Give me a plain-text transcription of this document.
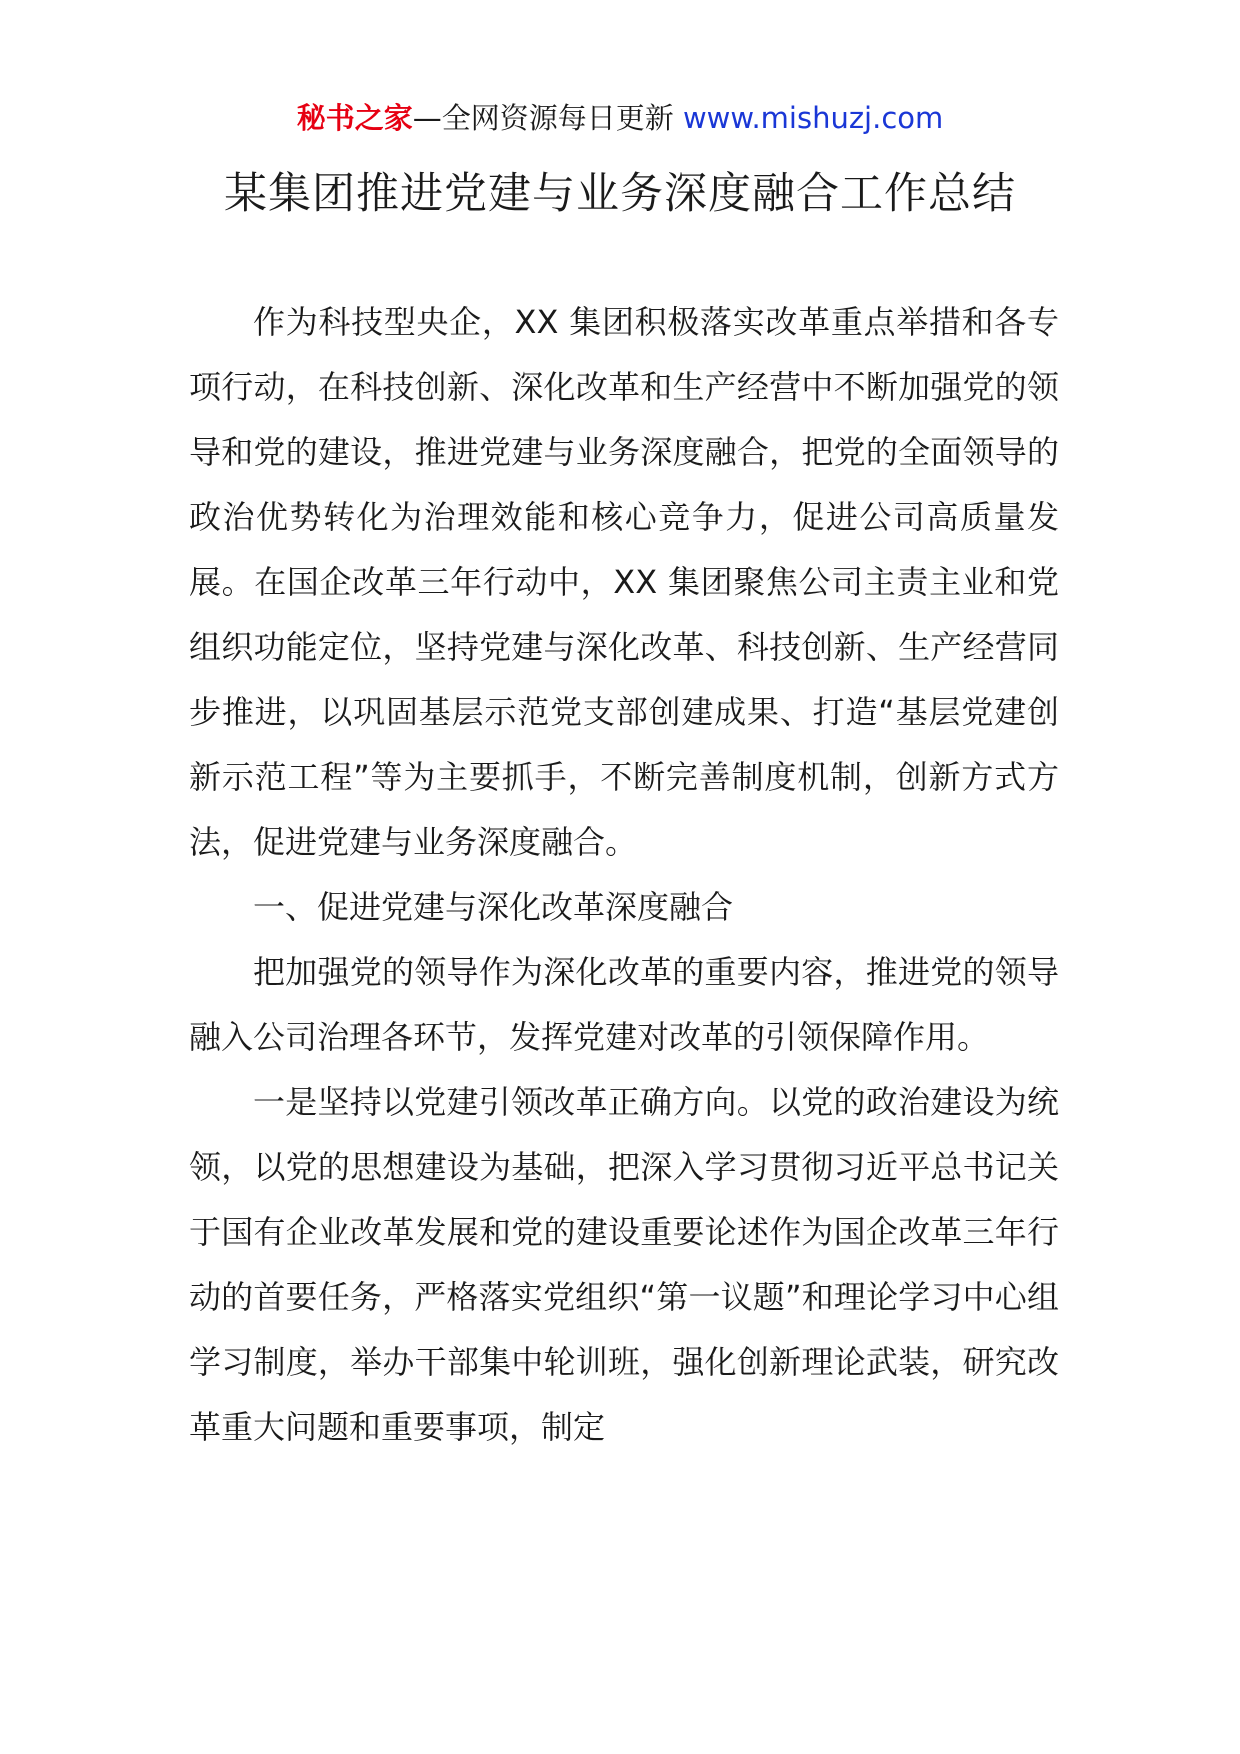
秘书之家—全网资源每日更新 www.mishuzj.com
某集团推进党建与业务深度融合工作总结

作为科技型央企，XX 集团积极落实改革重点举措和各专项行动，在科技创新、深化改革和生产经营中不断加强党的领导和党的建设，推进党建与业务深度融合，把党的全面领导的政治优势转化为治理效能和核心竞争力，促进公司高质量发展。在国企改革三年行动中，XX 集团聚焦公司主责主业和党组织功能定位，坚持党建与深化改革、科技创新、生产经营同步推进，以巩固基层示范党支部创建成果、打造“基层党建创新示范工程”等为主要抓手，不断完善制度机制，创新方式方法，促进党建与业务深度融合。

一、促进党建与深化改革深度融合

把加强党的领导作为深化改革的重要内容，推进党的领导融入公司治理各环节，发挥党建对改革的引领保障作用。

一是坚持以党建引领改革正确方向。以党的政治建设为统领，以党的思想建设为基础，把深入学习贯彻习近平总书记关于国有企业改革发展和党的建设重要论述作为国企改革三年行动的首要任务，严格落实党组织“第一议题”和理论学习中心组学习制度，举办干部集中轮训班，强化创新理论武装，研究改革重大问题和重要事项，制定
